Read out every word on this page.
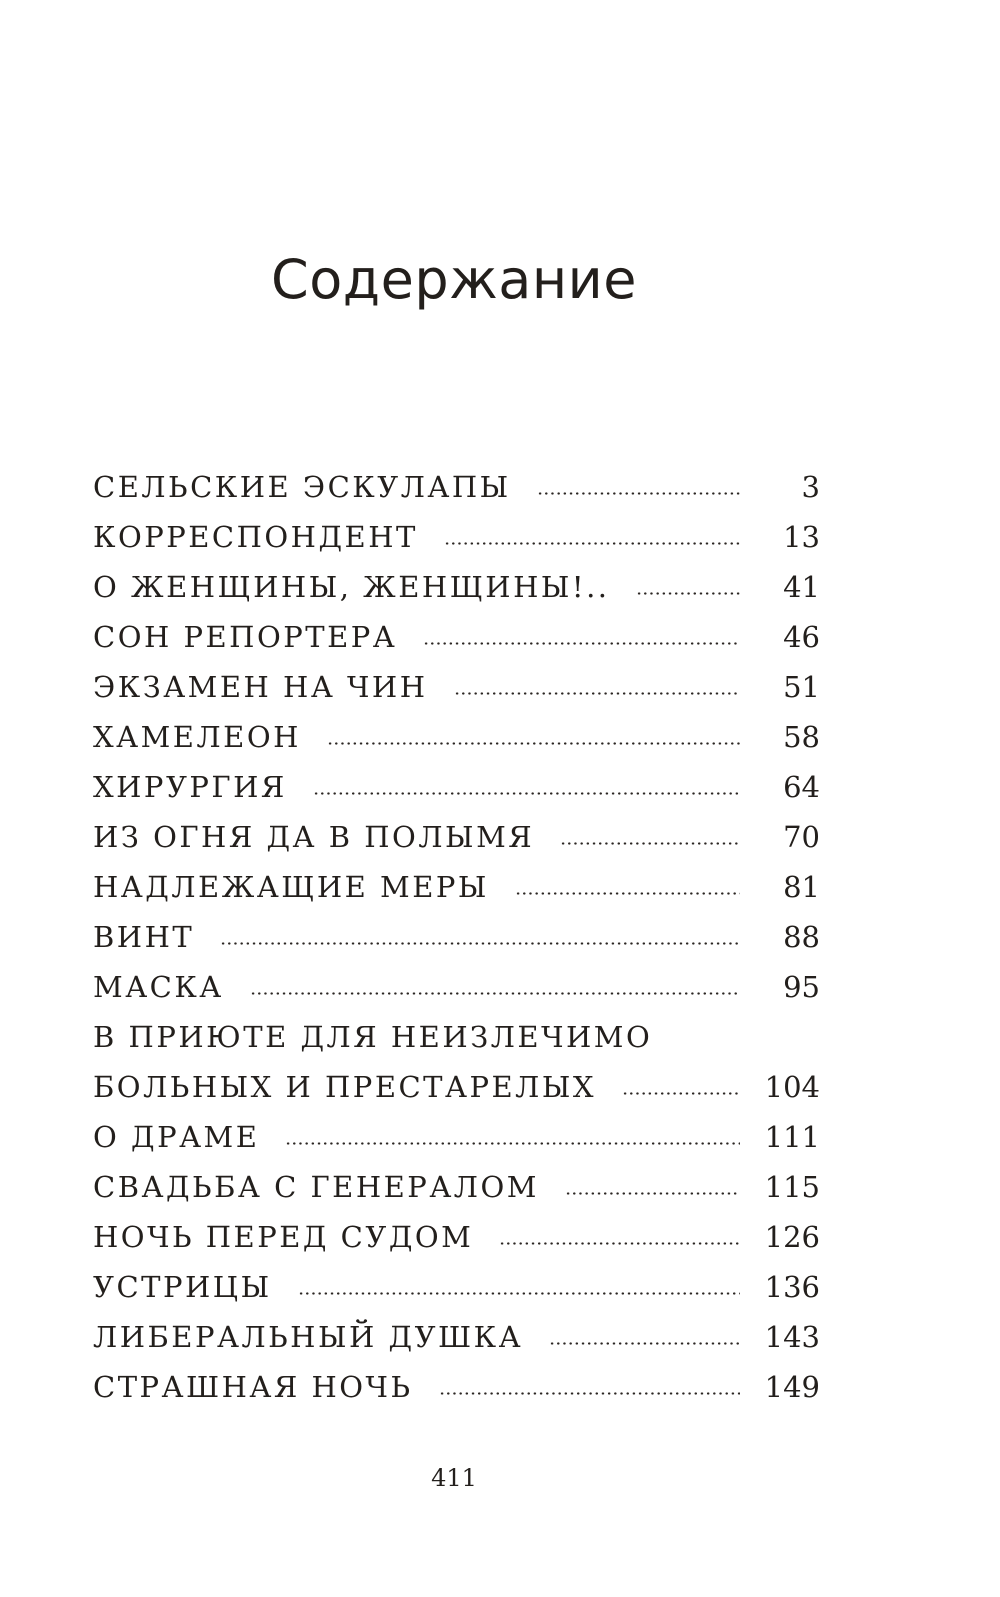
Содержание
СЕЛЬСКИЕ ЭСКУЛАПЫ	3
КОРРЕСПОНДЕНТ	13
О ЖЕНЩИНЫ, ЖЕНЩИНЫ!..	41
СОН РЕПОРТЕРА	46
ЭКЗАМЕН НА ЧИН	51
ХАМЕЛЕОН	58
ХИРУРГИЯ	64
ИЗ ОГНЯ ДА В ПОЛЫМЯ	70
НАДЛЕЖАЩИЕ МЕРЫ	81
ВИНТ	88
МАСКА	95
В ПРИЮТЕ ДЛЯ НЕИЗЛЕЧИМО
БОЛЬНЫХ И ПРЕСТАРЕЛЫХ	104
О ДРАМЕ	111
СВАДЬБА С ГЕНЕРАЛОМ	115
НОЧЬ ПЕРЕД СУДОМ	126
УСТРИЦЫ	136
ЛИБЕРАЛЬНЫЙ ДУШКА	143
СТРАШНАЯ НОЧЬ	149

411
